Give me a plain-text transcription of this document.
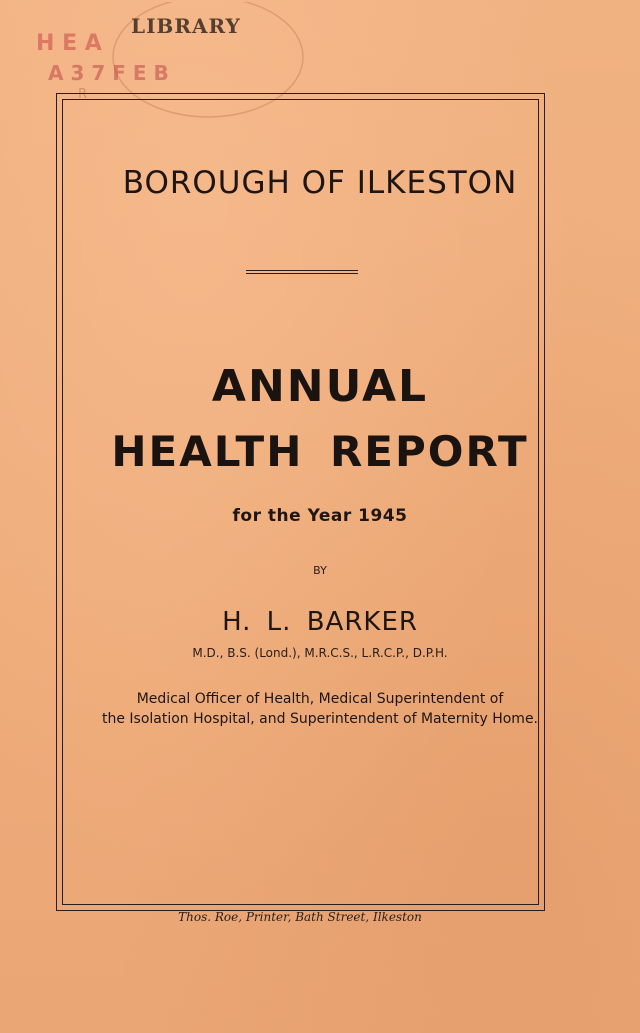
H E A
A 3 7 F E B
R
LIBRARY
BOROUGH OF ILKESTON
ANNUAL
HEALTH REPORT
for the Year 1945
BY
H. L. BARKER
M.D., B.S. (Lond.), M.R.C.S., L.R.C.P., D.P.H.
Medical Officer of Health, Medical Superintendent of
the Isolation Hospital, and Superintendent of Maternity Home.
Thos. Roe, Printer, Bath Street, Ilkeston
